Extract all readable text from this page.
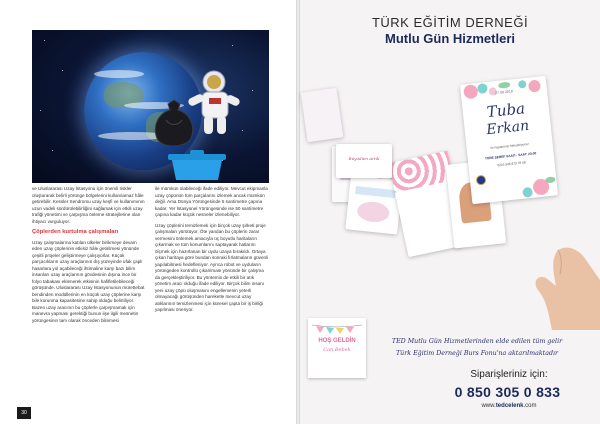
ve Uluslararası Uzay İstasyonu için önemli riskler oluşturarak belirli yörünge bölgelerini kullanılamaz hâle getirebilir. Kessler Sendromu uzay keşfi ve kullanımının uzun vadeli sürdürülebilirliğini sağlamak için etkili uzay trafiği yönetimi ve çarpışma önleme stratejilerine olan ihtiyacı vurguluyor.

Çöplerden kurtulma çalışmaları

Uzay çalışmalarına katılan ülkeler birikmeye devam eden uzay çöplerinin etkisiz hâle getirilmesi yönünde çeşitli projeler geliştirmeye çalışıyorlar. Küçük parçacıkların uzay araçlarının dış yüzeyinde ufak çaplı hasarlara yol açabileceği ihtimaline karşı bazı bilim insanları uzay araçlarının gövdesinin dışına ince bir folyo tabakası eklenerek etkisinin hafifletilebileceği görüşünde. Uluslararası Uzay İstasyonunun mürettebat bendinden modüllerinin en küçük uzay çöplerine karşı bile korunma kapasitesine sahip olduğu belirtiliyor. Bazen uzay aracının bu çöplerle çarpışmamak için manevra yapması gerektiği bunun iişe ilgili mesnetin yörüngesinin tam olarak önceden bilinmesi

ile mümkün olabileceği ifade ediliyor. Mevcut ekipmanla uzay çöpünün tüm parçalarını izlemek ancak mümkün değil. Ama Dünya Yörüngesinde 5 santimetre çapına kadar. Yer İstasyonel Yörüngesinde ise 50 santimetre çapına kadar küçük nesneler izlenebiliyor.

Uzay çöplerini temizlemek için birçok uzay şirketi proje çalışmaları yürütüyor. Öte yandan bu çöplerin zarar vermesini önlemek amacıyla üç boyutlu haritaların çıkarmak ve tüm konumlarını saptayarak hatlarını ölçmek için hazırlanan bir uydu uzaya bırakıldı. Ortaya çıkan haritaya göre bundan sonraki fırlatmaların güvenli yapılabilmesi hedefleniyor. Ayrıca robot ve uyduların yörüngeden kontrollü çıkarılması yönünde bir çalışma da gerçekleştiriliyor. Bu yöntemin de etkili bir atık yönetim aracı olduğu ifade ediliyor. Birçok bilim insanı yeni uzay çöpü oluşmasını engellemenin yeterli olmayacağı görüşünden hareketle mevcut uzay atıklarının temizlenmesi için küresel çapta bir iş birliği yapılması öneriyor.

30
TÜRK EĞİTİM DERNEĞİ
Mutlu Gün Hizmetleri
27.08.2018
Tuba
Erkan
ile hayatımızı birleştiriyoruz
TÖRE ŞEREF SAATİ · SAAT: 20:00
0216 346 873 78 48
Büyüdüm Artık
TED Mutlu Gün Hizmetlerinden elde edilen tüm gelir
Türk Eğitim Derneği Burs Fonu'na aktarılmaktadır
HOŞ GELDİN
Can Bebek
Siparişleriniz için:
0 850 305 0 833
www.tedcelenk.com
